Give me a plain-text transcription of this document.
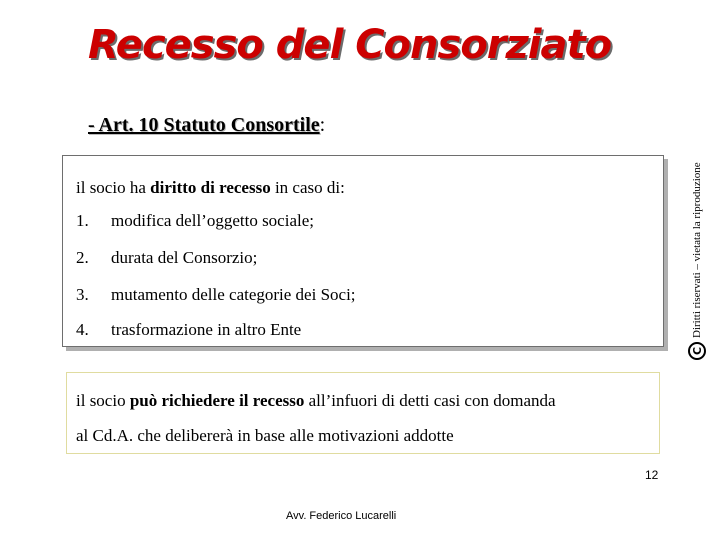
Recesso del Consorziato
- Art. 10 Statuto Consortile:
il socio ha diritto di recesso in caso di:
1. modifica dell’oggetto sociale;
2. durata del Consorzio;
3. mutamento delle categorie dei Soci;
4. trasformazione in altro Ente
il socio può richiedere il recesso all’infuori di detti casi con domanda
al Cd.A. che delibererà in base alle motivazioni addotte
C
Diritti riservati – vietata la riproduzione
12
Avv. Federico Lucarelli
